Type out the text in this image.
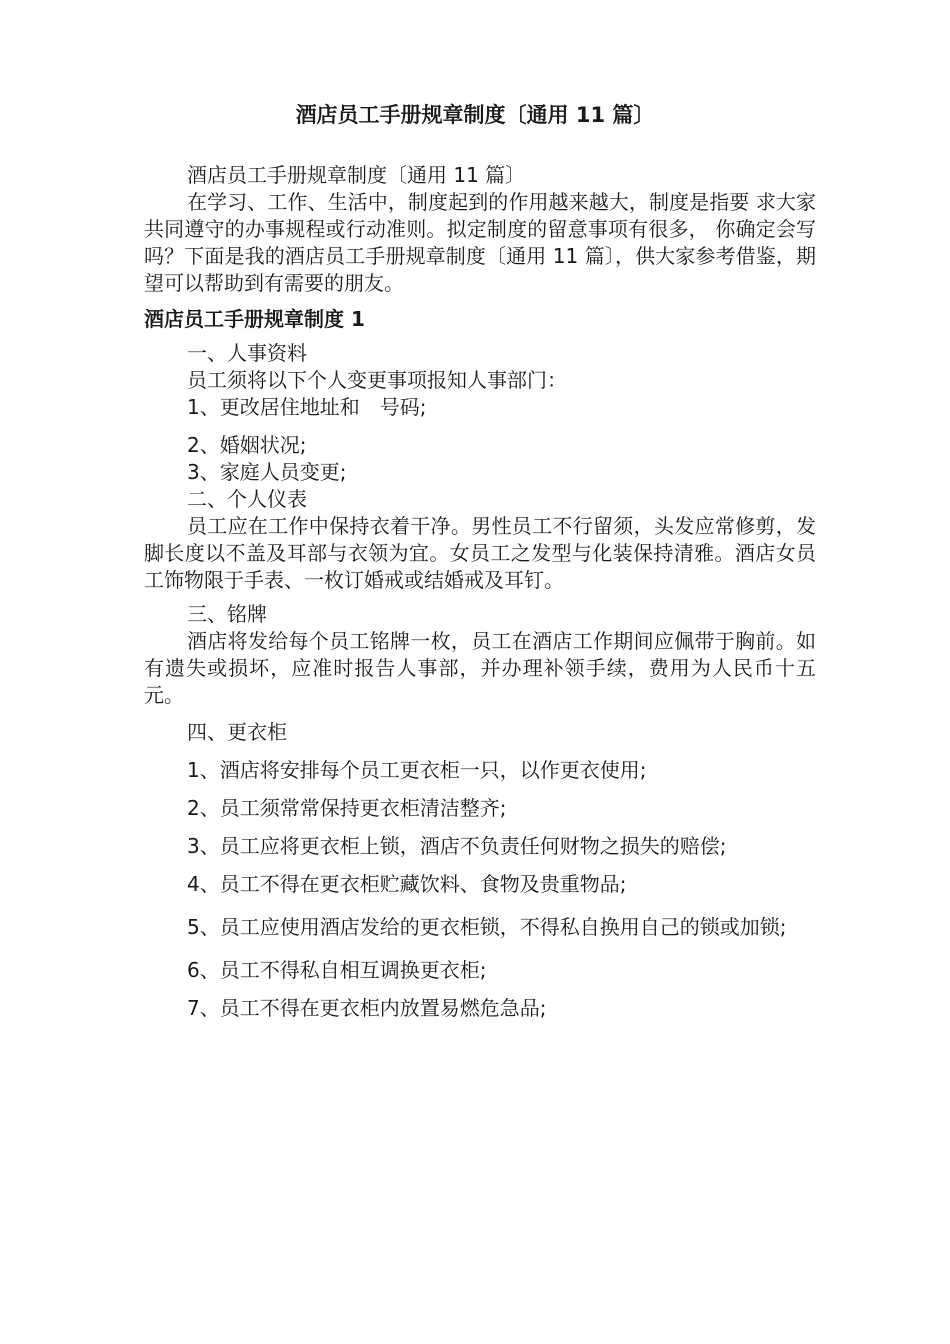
酒店员工手册规章制度〔通用 11 篇〕

酒店员工手册规章制度〔通用 11 篇〕

在学习、工作、生活中，制度起到的作用越来越大，制度是指要 求大家共同遵守的办事规程或行动准则。拟定制度的留意事项有很多， 你确定会写吗？下面是我的酒店员工手册规章制度〔通用 11 篇〕，供大家参考借鉴，期望可以帮助到有需要的朋友。

酒店员工手册规章制度 1

一、人事资料

员工须将以下个人变更事项报知人事部门：

1、更改居住地址和　号码;

2、婚姻状况;

3、家庭人员变更;

二、个人仪表

员工应在工作中保持衣着干净。男性员工不行留须，头发应常修剪，发脚长度以不盖及耳部与衣领为宜。女员工之发型与化装保持清雅。酒店女员工饰物限于手表、一枚订婚戒或结婚戒及耳钉。

三、铭牌

酒店将发给每个员工铭牌一枚，员工在酒店工作期间应佩带于胸前。如有遗失或损坏，应准时报告人事部，并办理补领手续，费用为人民币十五元。

四、更衣柜

1、酒店将安排每个员工更衣柜一只，以作更衣使用;

2、员工须常常保持更衣柜清洁整齐;

3、员工应将更衣柜上锁，酒店不负责任何财物之损失的赔偿;

4、员工不得在更衣柜贮藏饮料、食物及贵重物品;

5、员工应使用酒店发给的更衣柜锁，不得私自换用自己的锁或加锁;

6、员工不得私自相互调换更衣柜;

7、员工不得在更衣柜内放置易燃危急品;
